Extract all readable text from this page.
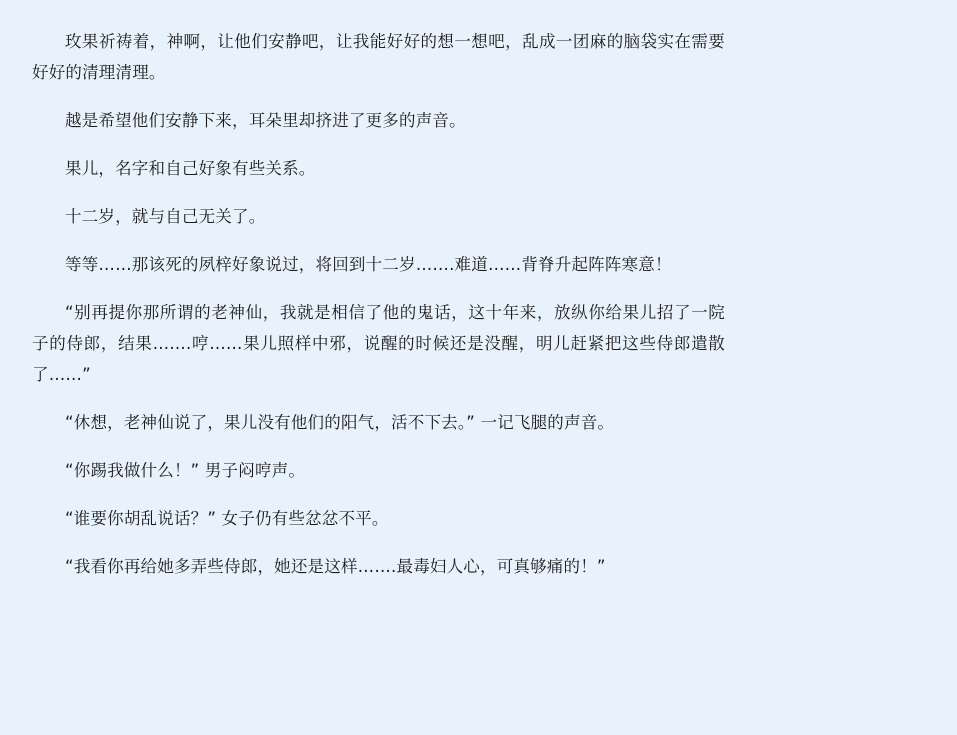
玫果祈祷着，神啊，让他们安静吧，让我能好好的想一想吧，乱成一团麻的脑袋实在需要好好的清理清理。

越是希望他们安静下来，耳朵里却挤进了更多的声音。

果儿，名字和自己好象有些关系。

十二岁，就与自己无关了。

等等……那该死的夙梓好象说过，将回到十二岁…….难道……背脊升起阵阵寒意！

“别再提你那所谓的老神仙，我就是相信了他的鬼话，这十年来，放纵你给果儿招了一院子的侍郎，结果…….哼……果儿照样中邪，说醒的时候还是没醒，明儿赶紧把这些侍郎遣散了……”

“休想，老神仙说了，果儿没有他们的阳气，活不下去。” 一记飞腿的声音。

“你踢我做什么！” 男子闷哼声。

“谁要你胡乱说话？” 女子仍有些忿忿不平。

“我看你再给她多弄些侍郎，她还是这样…….最毒妇人心，可真够痛的！”
